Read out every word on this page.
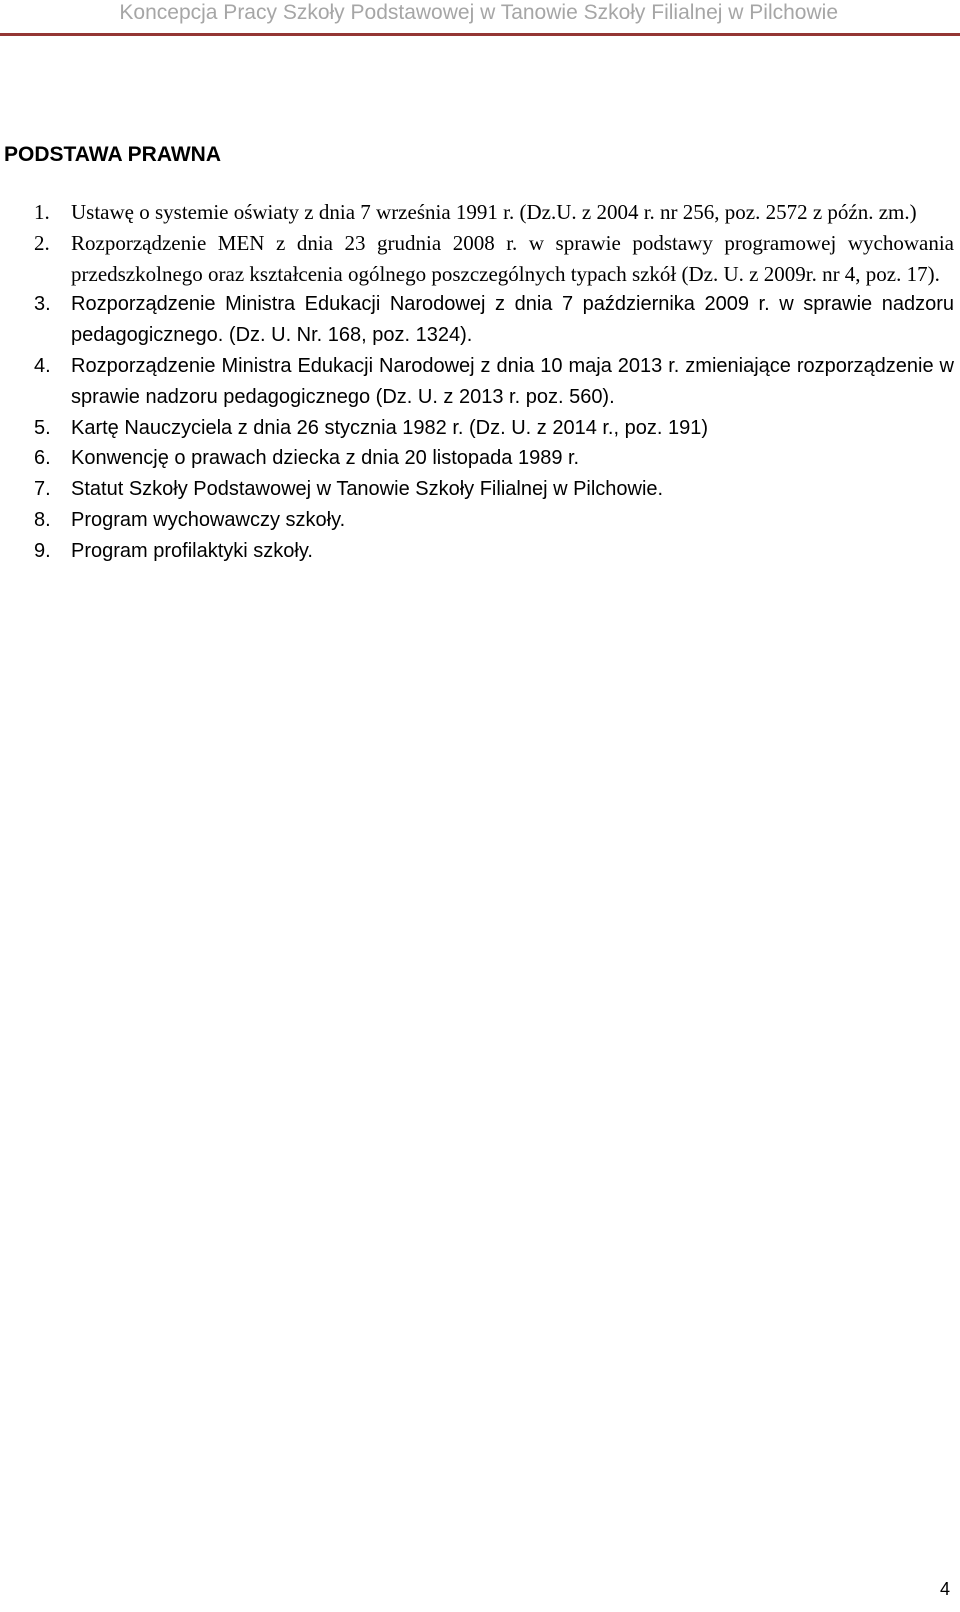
Koncepcja Pracy Szkoły Podstawowej w Tanowie Szkoły Filialnej w Pilchowie
PODSTAWA PRAWNA
1.	Ustawę o systemie oświaty z dnia 7 września 1991 r. (Dz.U. z 2004 r. nr 256, poz. 2572 z późn. zm.)
2.	Rozporządzenie MEN z dnia 23 grudnia 2008 r. w sprawie podstawy programowej wychowania przedszkolnego oraz kształcenia ogólnego poszczególnych typach szkół (Dz. U. z 2009r. nr 4, poz. 17).
3.	Rozporządzenie Ministra Edukacji Narodowej z dnia 7 października 2009 r. w sprawie nadzoru pedagogicznego. (Dz. U. Nr. 168, poz. 1324).
4.	Rozporządzenie Ministra Edukacji Narodowej z dnia 10 maja 2013 r. zmieniające rozporządzenie w sprawie nadzoru pedagogicznego (Dz. U. z 2013 r. poz. 560).
5.	Kartę Nauczyciela z dnia 26 stycznia 1982 r. (Dz. U. z 2014 r., poz. 191)
6.	Konwencję o prawach dziecka z dnia 20 listopada 1989 r.
7.	Statut Szkoły Podstawowej w Tanowie Szkoły Filialnej w Pilchowie.
8.	Program wychowawczy szkoły.
9.	Program profilaktyki szkoły.
4
